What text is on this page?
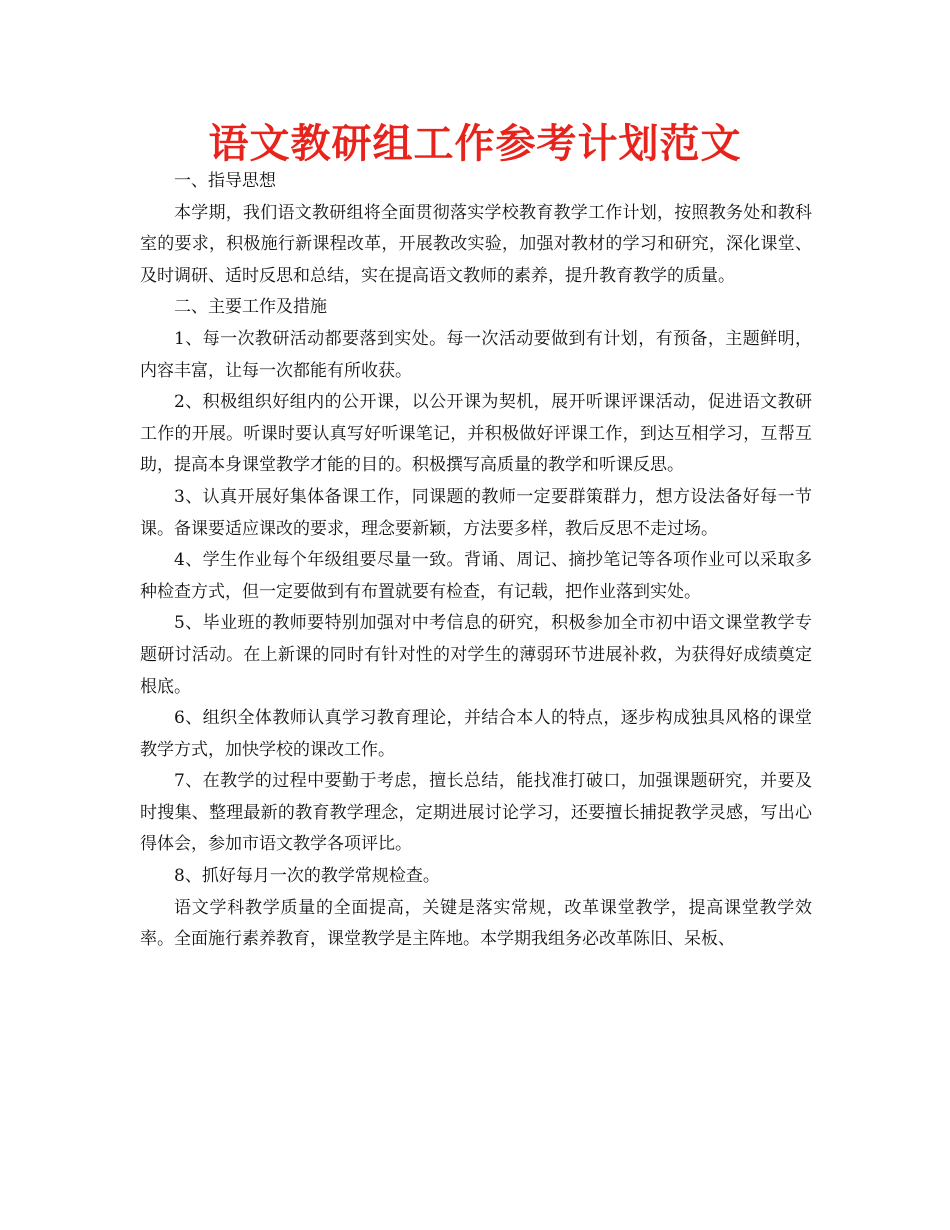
语文教研组工作参考计划范文

一、指导思想

本学期，我们语文教研组将全面贯彻落实学校教育教学工作计划，按照教务处和教科室的要求，积极施行新课程改革，开展教改实验，加强对教材的学习和研究，深化课堂、及时调研、适时反思和总结，实在提高语文教师的素养，提升教育教学的质量。

二、主要工作及措施

1、每一次教研活动都要落到实处。每一次活动要做到有计划，有预备，主题鲜明，内容丰富，让每一次都能有所收获。

2、积极组织好组内的公开课，以公开课为契机，展开听课评课活动，促进语文教研工作的开展。听课时要认真写好听课笔记，并积极做好评课工作，到达互相学习，互帮互助，提高本身课堂教学才能的目的。积极撰写高质量的教学和听课反思。

3、认真开展好集体备课工作，同课题的教师一定要群策群力，想方设法备好每一节课。备课要适应课改的要求，理念要新颖，方法要多样，教后反思不走过场。

4、学生作业每个年级组要尽量一致。背诵、周记、摘抄笔记等各项作业可以采取多种检查方式，但一定要做到有布置就要有检查，有记载，把作业落到实处。

5、毕业班的教师要特别加强对中考信息的研究，积极参加全市初中语文课堂教学专题研讨活动。在上新课的同时有针对性的对学生的薄弱环节进展补救，为获得好成绩奠定根底。

6、组织全体教师认真学习教育理论，并结合本人的特点，逐步构成独具风格的课堂教学方式，加快学校的课改工作。

7、在教学的过程中要勤于考虑，擅长总结，能找准打破口，加强课题研究，并要及时搜集、整理最新的教育教学理念，定期进展讨论学习，还要擅长捕捉教学灵感，写出心得体会，参加市语文教学各项评比。

8、抓好每月一次的教学常规检查。

语文学科教学质量的全面提高，关键是落实常规，改革课堂教学，提高课堂教学效率。全面施行素养教育，课堂教学是主阵地。本学期我组务必改革陈旧、呆板、
